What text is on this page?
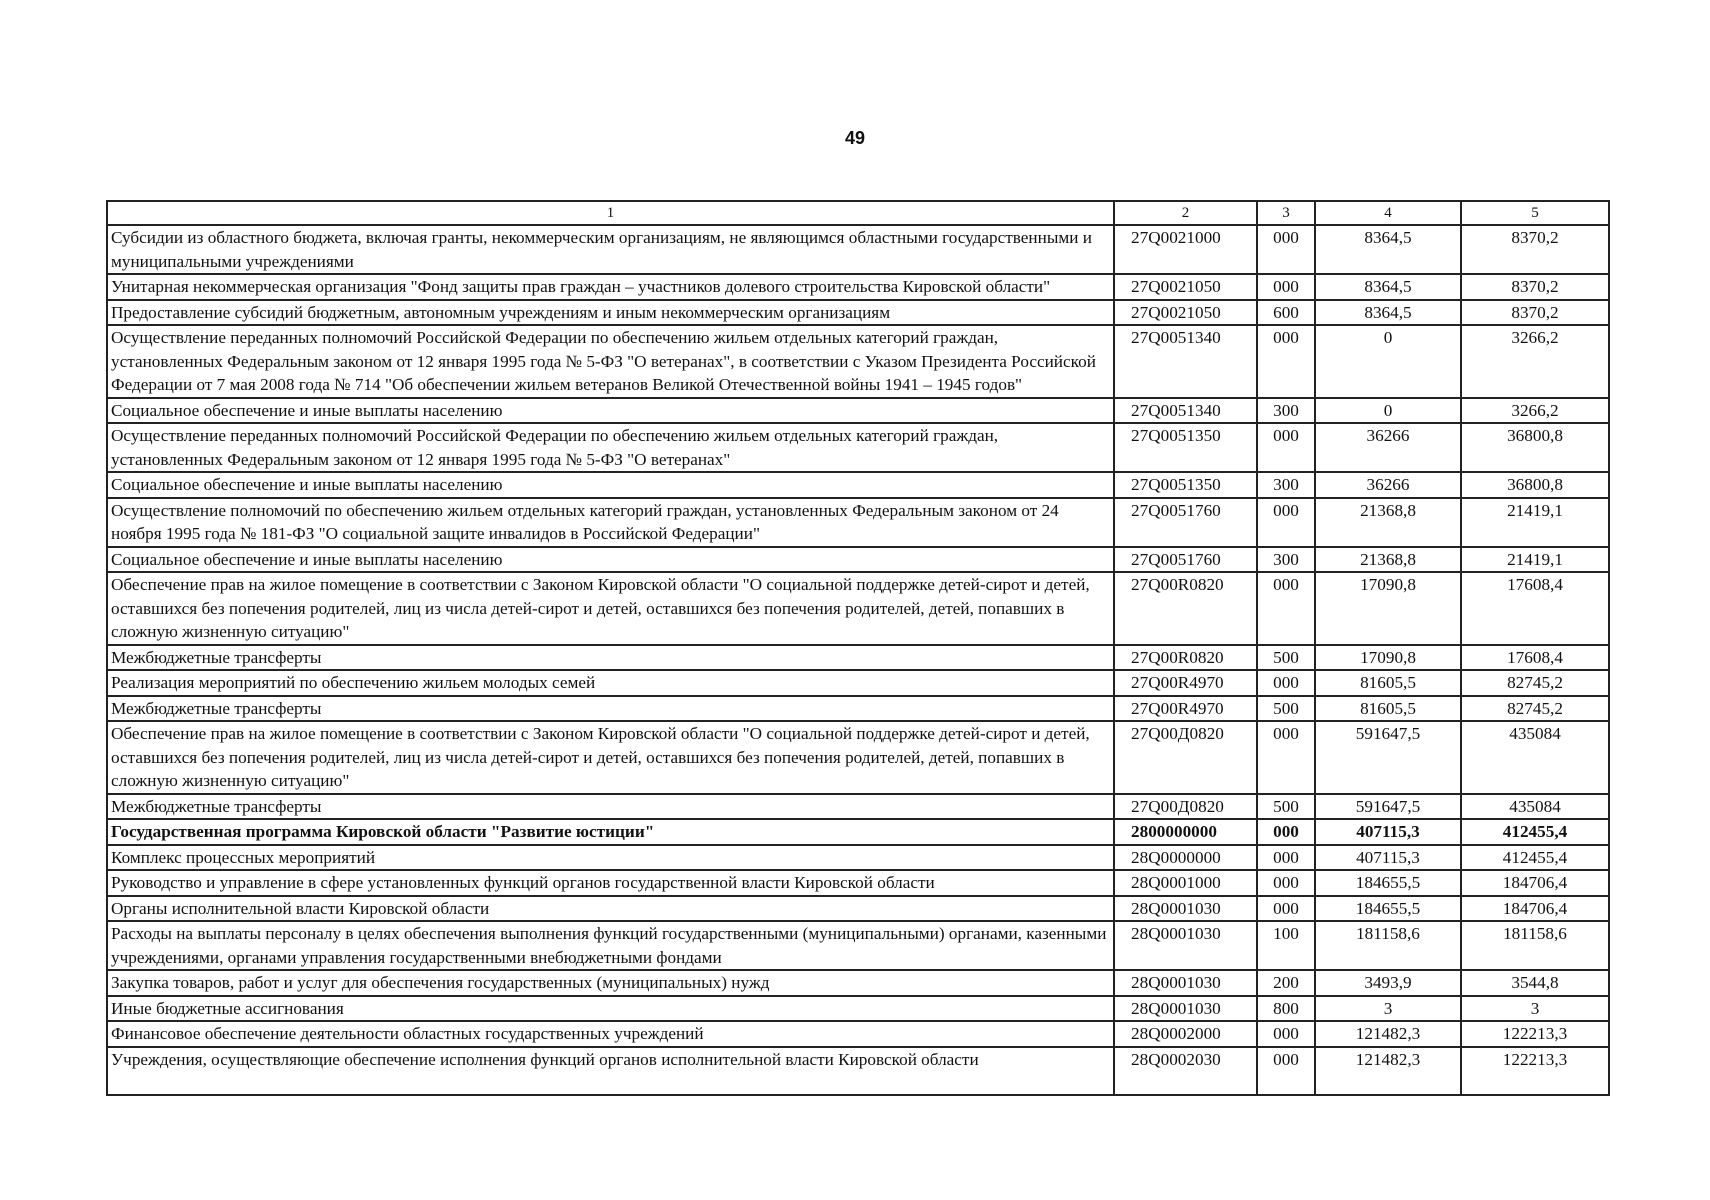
49
1	2	3	4	5
Субсидии из областного бюджета, включая гранты, некоммерческим организациям, не являющимся областными государственными и муниципальными учреждениями	27Q0021000	000	8364,5	8370,2
Унитарная некоммерческая организация "Фонд защиты прав граждан – участников долевого строительства Кировской области"	27Q0021050	000	8364,5	8370,2
Предоставление субсидий бюджетным, автономным учреждениям и иным некоммерческим организациям	27Q0021050	600	8364,5	8370,2
Осуществление переданных полномочий Российской Федерации по обеспечению жильем отдельных категорий граждан, установленных Федеральным законом от 12 января 1995 года № 5-ФЗ "О ветеранах", в соответствии с Указом Президента Российской Федерации от 7 мая 2008 года № 714 "Об обеспечении жильем ветеранов Великой Отечественной войны 1941 – 1945 годов"	27Q0051340	000	0	3266,2
Социальное обеспечение и иные выплаты населению	27Q0051340	300	0	3266,2
Осуществление переданных полномочий Российской Федерации по обеспечению жильем отдельных категорий граждан, установленных Федеральным законом от 12 января 1995 года № 5-ФЗ "О ветеранах"	27Q0051350	000	36266	36800,8
Социальное обеспечение и иные выплаты населению	27Q0051350	300	36266	36800,8
Осуществление полномочий по обеспечению жильем отдельных категорий граждан, установленных Федеральным законом от 24 ноября 1995 года № 181-ФЗ "О социальной защите инвалидов в Российской Федерации"	27Q0051760	000	21368,8	21419,1
Социальное обеспечение и иные выплаты населению	27Q0051760	300	21368,8	21419,1
Обеспечение прав на жилое помещение в соответствии с Законом Кировской области "О социальной поддержке детей-сирот и детей, оставшихся без попечения родителей, лиц из числа детей-сирот и детей, оставшихся без попечения родителей, детей, попавших в сложную жизненную ситуацию"	27Q00R0820	000	17090,8	17608,4
Межбюджетные трансферты	27Q00R0820	500	17090,8	17608,4
Реализация мероприятий по обеспечению жильем молодых семей	27Q00R4970	000	81605,5	82745,2
Межбюджетные трансферты	27Q00R4970	500	81605,5	82745,2
Обеспечение прав на жилое помещение в соответствии с Законом Кировской области "О социальной поддержке детей-сирот и детей, оставшихся без попечения родителей, лиц из числа детей-сирот и детей, оставшихся без попечения родителей, детей, попавших в сложную жизненную ситуацию"	27Q00Д0820	000	591647,5	435084
Межбюджетные трансферты	27Q00Д0820	500	591647,5	435084
Государственная программа Кировской области "Развитие юстиции"	2800000000	000	407115,3	412455,4
Комплекс процессных мероприятий	28Q0000000	000	407115,3	412455,4
Руководство и управление в сфере установленных функций органов государственной власти Кировской области	28Q0001000	000	184655,5	184706,4
Органы исполнительной власти Кировской области	28Q0001030	000	184655,5	184706,4
Расходы на выплаты персоналу в целях обеспечения выполнения функций государственными (муниципальными) органами, казенными учреждениями, органами управления государственными внебюджетными фондами	28Q0001030	100	181158,6	181158,6
Закупка товаров, работ и услуг для обеспечения государственных (муниципальных) нужд	28Q0001030	200	3493,9	3544,8
Иные бюджетные ассигнования	28Q0001030	800	3	3
Финансовое обеспечение деятельности областных государственных учреждений	28Q0002000	000	121482,3	122213,3
Учреждения, осуществляющие обеспечение исполнения функций органов исполнительной власти Кировской области	28Q0002030	000	121482,3	122213,3
